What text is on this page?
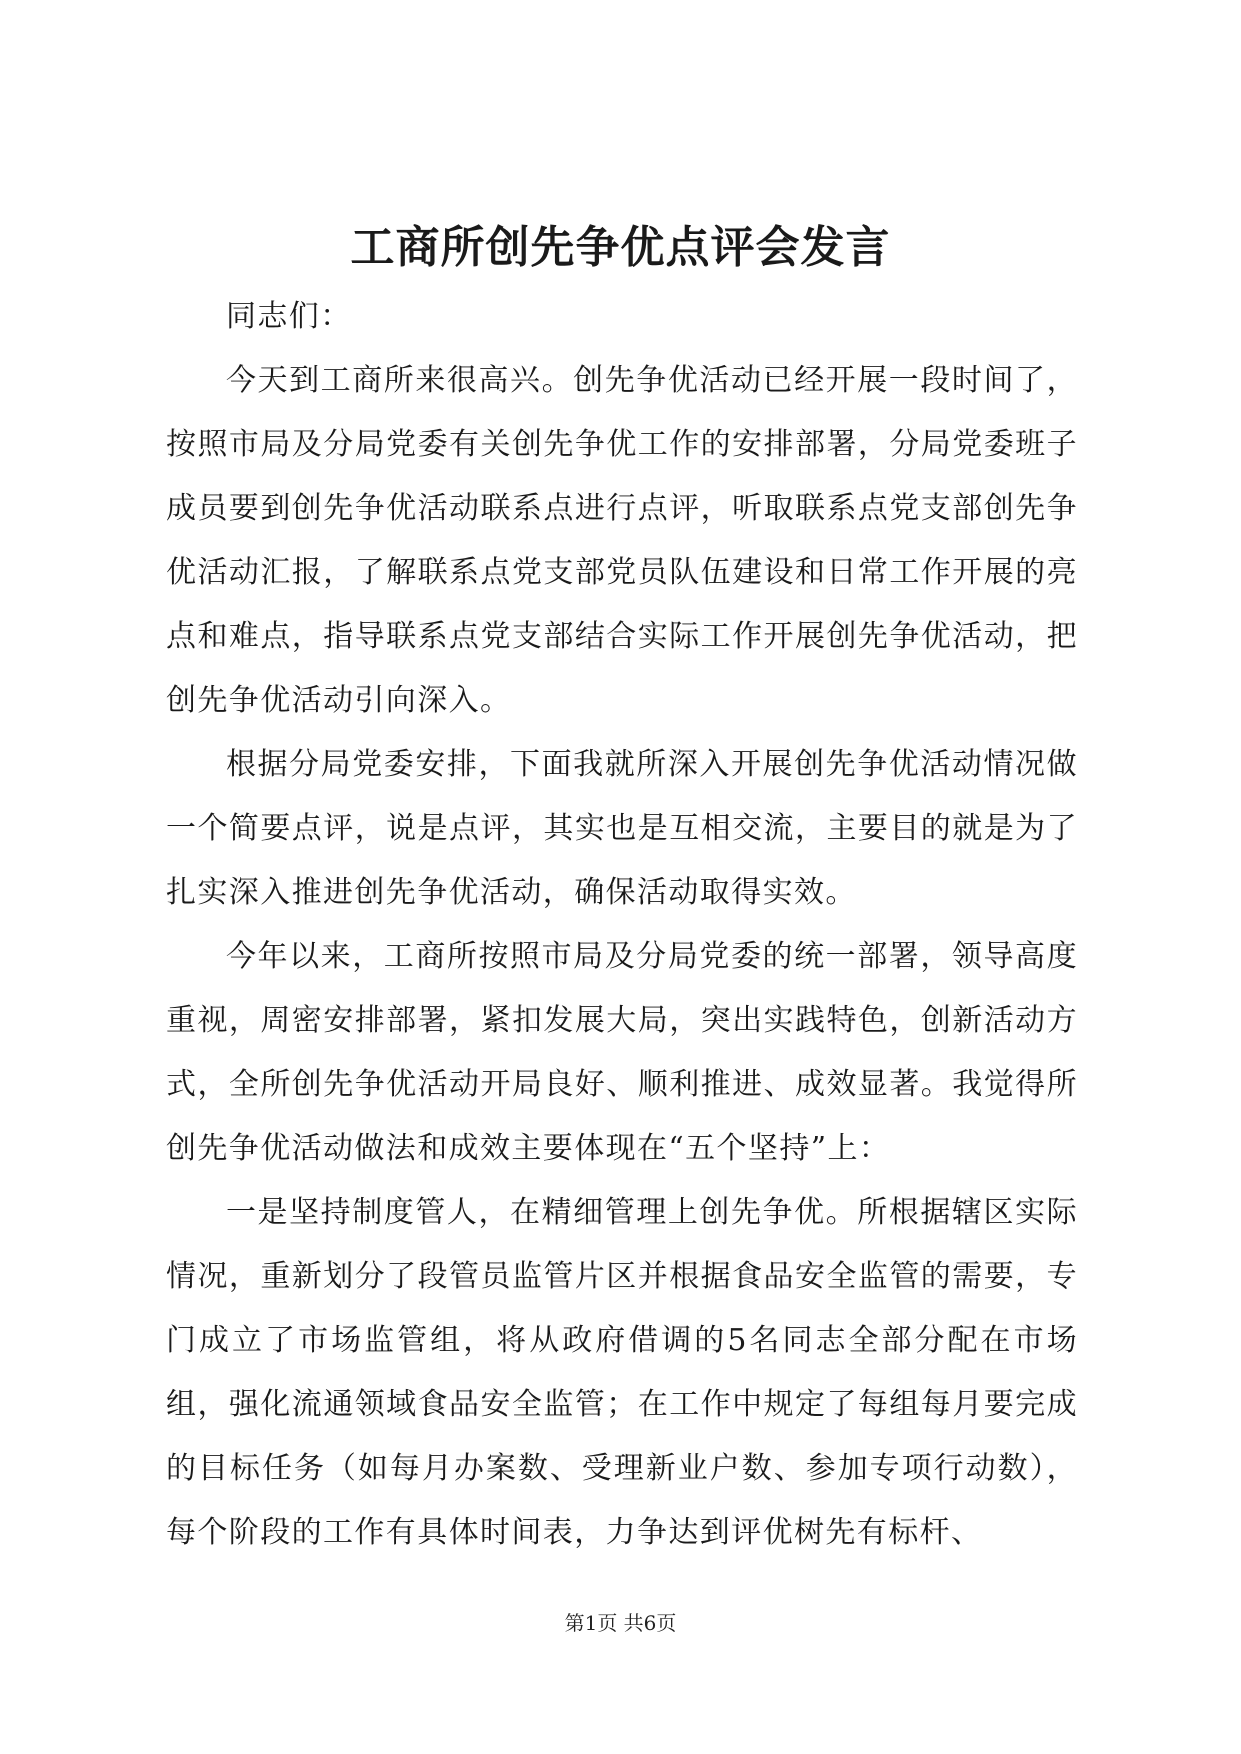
工商所创先争优点评会发言

同志们：

今天到工商所来很高兴。创先争优活动已经开展一段时间了，按照市局及分局党委有关创先争优工作的安排部署，分局党委班子成员要到创先争优活动联系点进行点评，听取联系点党支部创先争优活动汇报，了解联系点党支部党员队伍建设和日常工作开展的亮点和难点，指导联系点党支部结合实际工作开展创先争优活动，把创先争优活动引向深入。

根据分局党委安排，下面我就所深入开展创先争优活动情况做一个简要点评，说是点评，其实也是互相交流，主要目的就是为了扎实深入推进创先争优活动，确保活动取得实效。

今年以来，工商所按照市局及分局党委的统一部署，领导高度重视，周密安排部署，紧扣发展大局，突出实践特色，创新活动方式，全所创先争优活动开局良好、顺利推进、成效显著。我觉得所创先争优活动做法和成效主要体现在“五个坚持”上：

一是坚持制度管人，在精细管理上创先争优。所根据辖区实际情况，重新划分了段管员监管片区并根据食品安全监管的需要，专门成立了市场监管组，将从政府借调的5名同志全部分配在市场组，强化流通领域食品安全监管；在工作中规定了每组每月要完成的目标任务（如每月办案数、受理新业户数、参加专项行动数），每个阶段的工作有具体时间表，力争达到评优树先有标杆、

第1页 共6页
